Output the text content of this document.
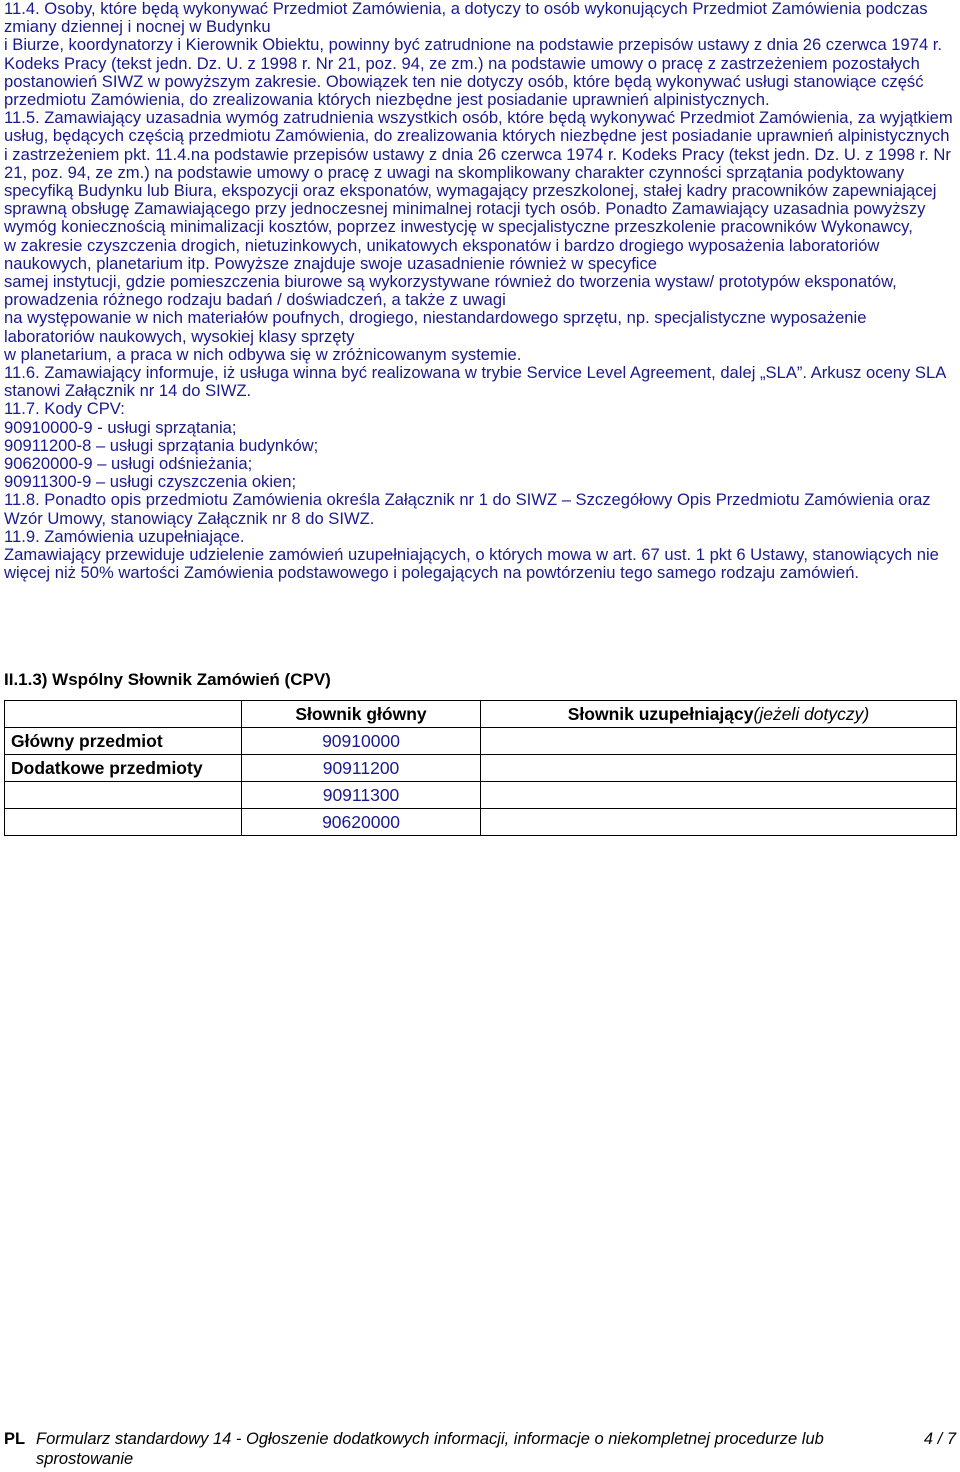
11.4. Osoby, które będą wykonywać Przedmiot Zamówienia, a dotyczy to osób wykonujących Przedmiot Zamówienia podczas zmiany dziennej i nocnej w Budynku

i Biurze, koordynatorzy i Kierownik Obiektu, powinny być zatrudnione na podstawie przepisów ustawy z dnia 26 czerwca 1974 r. Kodeks Pracy (tekst jedn. Dz. U. z 1998 r. Nr 21, poz. 94, ze zm.) na podstawie umowy o pracę z zastrzeżeniem pozostałych postanowień SIWZ w powyższym zakresie. Obowiązek ten nie dotyczy osób, które będą wykonywać usługi stanowiące część przedmiotu Zamówienia, do zrealizowania których niezbędne jest posiadanie uprawnień alpinistycznych.

11.5. Zamawiający uzasadnia wymóg zatrudnienia wszystkich osób, które będą wykonywać Przedmiot Zamówienia, za wyjątkiem usług, będących częścią przedmiotu Zamówienia, do zrealizowania których niezbędne jest posiadanie uprawnień alpinistycznych i zastrzeżeniem pkt. 11.4.na podstawie przepisów ustawy z dnia 26 czerwca 1974 r. Kodeks Pracy (tekst jedn. Dz. U. z 1998 r. Nr 21, poz. 94, ze zm.) na podstawie umowy o pracę z uwagi na skomplikowany charakter czynności sprzątania podyktowany specyfiką Budynku lub Biura, ekspozycji oraz eksponatów, wymagający przeszkolonej, stałej kadry pracowników zapewniającej sprawną obsługę Zamawiającego przy jednoczesnej minimalnej rotacji tych osób. Ponadto Zamawiający uzasadnia powyższy wymóg koniecznością minimalizacji kosztów, poprzez inwestycję w specjalistyczne przeszkolenie pracowników Wykonawcy,

w zakresie czyszczenia drogich, nietuzinkowych, unikatowych eksponatów i bardzo drogiego wyposażenia laboratoriów naukowych, planetarium itp. Powyższe znajduje swoje uzasadnienie również w specyfice

samej instytucji, gdzie pomieszczenia biurowe są wykorzystywane również do tworzenia wystaw/ prototypów eksponatów, prowadzenia różnego rodzaju badań / doświadczeń, a także z uwagi

na występowanie w nich materiałów poufnych, drogiego, niestandardowego sprzętu, np. specjalistyczne wyposażenie laboratoriów naukowych, wysokiej klasy sprzęty

w planetarium, a praca w nich odbywa się w zróżnicowanym systemie.

11.6. Zamawiający informuje, iż usługa winna być realizowana w trybie Service Level Agreement, dalej „SLA”. Arkusz oceny SLA stanowi Załącznik nr 14 do SIWZ.

11.7. Kody CPV:

90910000-9 - usługi sprzątania;

90911200-8 – usługi sprzątania budynków;

90620000-9 – usługi odśnieżania;

90911300-9 – usługi czyszczenia okien;

11.8. Ponadto opis przedmiotu Zamówienia określa Załącznik nr 1 do SIWZ – Szczegółowy Opis Przedmiotu Zamówienia oraz Wzór Umowy, stanowiący Załącznik nr 8 do SIWZ.

11.9. Zamówienia uzupełniające.

Zamawiający przewiduje udzielenie zamówień uzupełniających, o których mowa w art. 67 ust. 1 pkt 6 Ustawy, stanowiących nie więcej niż 50% wartości Zamówienia podstawowego i polegających na powtórzeniu tego samego rodzaju zamówień.

II.1.3) Wspólny Słownik Zamówień (CPV)
	Słownik główny	Słownik uzupełniający(jeżeli dotyczy)
Główny przedmiot	90910000	
Dodatkowe przedmioty	90911200	
	90911300	
	90620000	
PL Formularz standardowy 14 - Ogłoszenie dodatkowych informacji, informacje o niekompletnej procedurze lub sprostowanie
4 / 7
